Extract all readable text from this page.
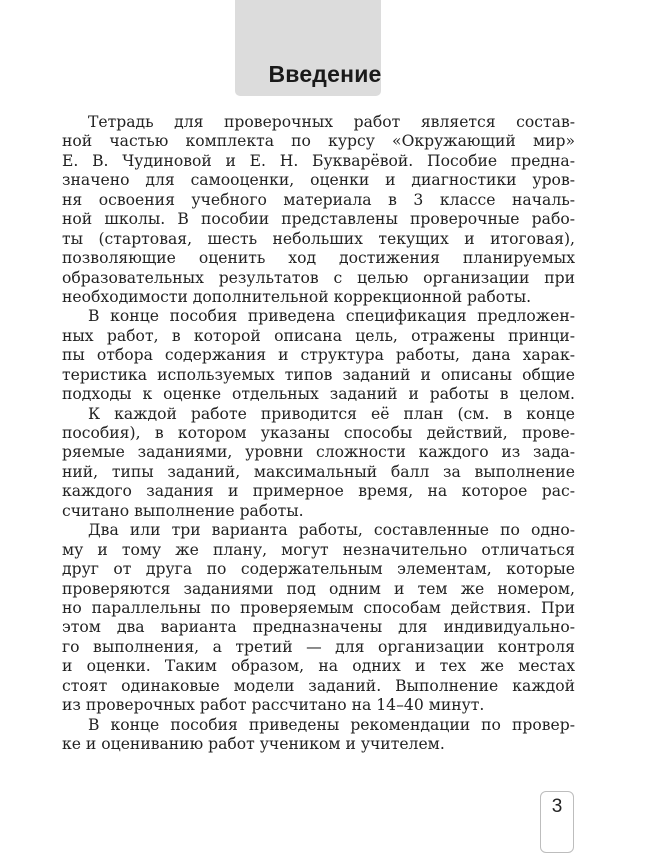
Введение
Тетрадь для проверочных работ является состав-
ной частью комплекта по курсу «Окружающий мир»
Е. В. Чудиновой и Е. Н. Букварёвой. Пособие предна-
значено для самооценки, оценки и диагностики уров-
ня освоения учебного материала в 3 классе началь-
ной школы. В пособии представлены проверочные рабо-
ты (стартовая, шесть небольших текущих и итоговая),
позволяющие оценить ход достижения планируемых
образовательных результатов с целью организации при
необходимости дополнительной коррекционной работы.
В конце пособия приведена спецификация предложен-
ных работ, в которой описана цель, отражены принци-
пы отбора содержания и структура работы, дана харак-
теристика используемых типов заданий и описаны общие
подходы к оценке отдельных заданий и работы в целом.
К каждой работе приводится её план (см. в конце
пособия), в котором указаны способы действий, прове-
ряемые заданиями, уровни сложности каждого из зада-
ний, типы заданий, максимальный балл за выполнение
каждого задания и примерное время, на которое рас-
считано выполнение работы.
Два или три варианта работы, составленные по одно-
му и тому же плану, могут незначительно отличаться
друг от друга по содержательным элементам, которые
проверяются заданиями под одним и тем же номером,
но параллельны по проверяемым способам действия. При
этом два варианта предназначены для индивидуально-
го выполнения, а третий — для организации контроля
и оценки. Таким образом, на одних и тех же местах
стоят одинаковые модели заданий. Выполнение каждой
из проверочных работ рассчитано на 14–40 минут.
В конце пособия приведены рекомендации по провер-
ке и оцениванию работ учеником и учителем.
3
